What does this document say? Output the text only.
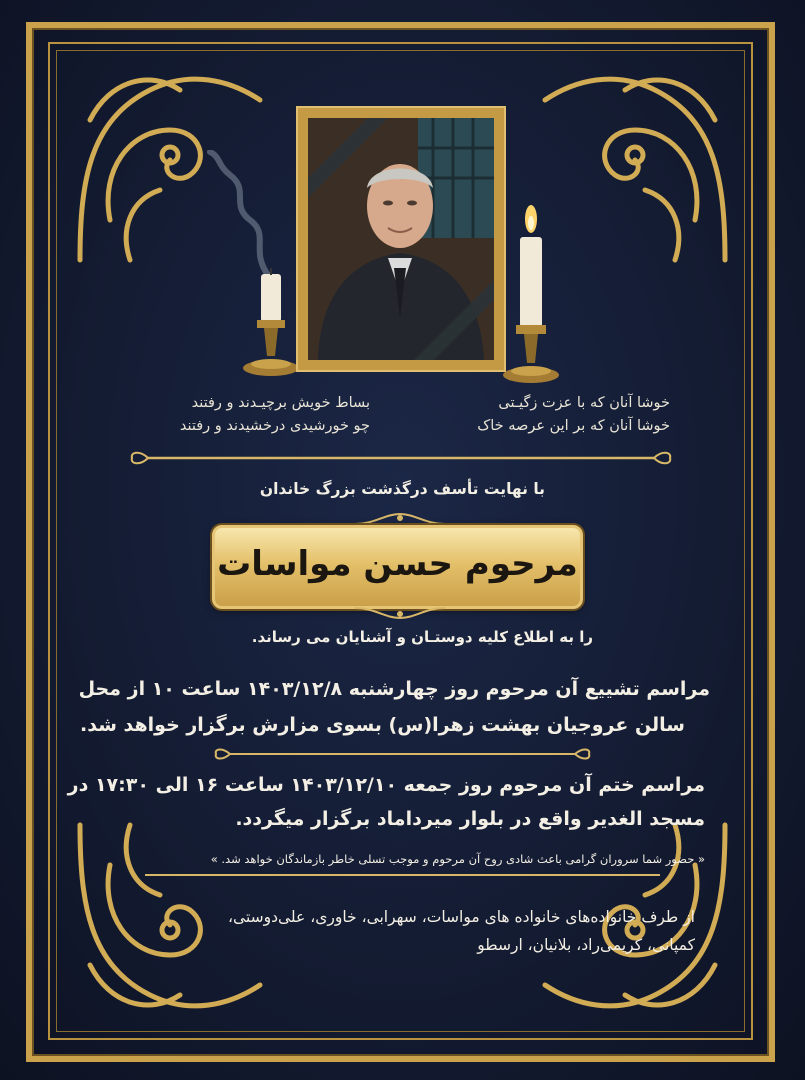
خوشا آنان که با عزت زگیـتی
خوشا آنان که بر این عرصه خاک
بساط خویش برچیـدند و رفتند
چو خورشیدی درخشیدند و رفتند
با نهایت تأسف درگذشت بزرگ خاندان
مرحوم حسن مواسات
را به اطلاع کلیه دوستـان و آشنایان می رساند.
مراسم تشییع آن مرحوم روز چهارشنبه ۱۴۰۳/۱۲/۸ ساعت ۱۰ از محل
سالن عروجیان بهشت زهرا(س) بسوی مزارش برگزار خواهد شد.
مراسم ختم آن مرحوم روز جمعه ۱۴۰۳/۱۲/۱۰ ساعت ۱۶ الی ۱۷:۳۰ در
مسجد الغدیر واقع در بلوار میرداماد برگزار میگردد.
« حضور شما سروران گرامی باعث شادی روح آن مرحوم و موجب تسلی خاطر بازماندگان خواهد شد. »
از طرف خانواده‌های خانواده های مواسات، سهرابی، خاوری، علی‌دوستی،
کمپانی، کریمی‌راد، بلانیان، ارسطو
